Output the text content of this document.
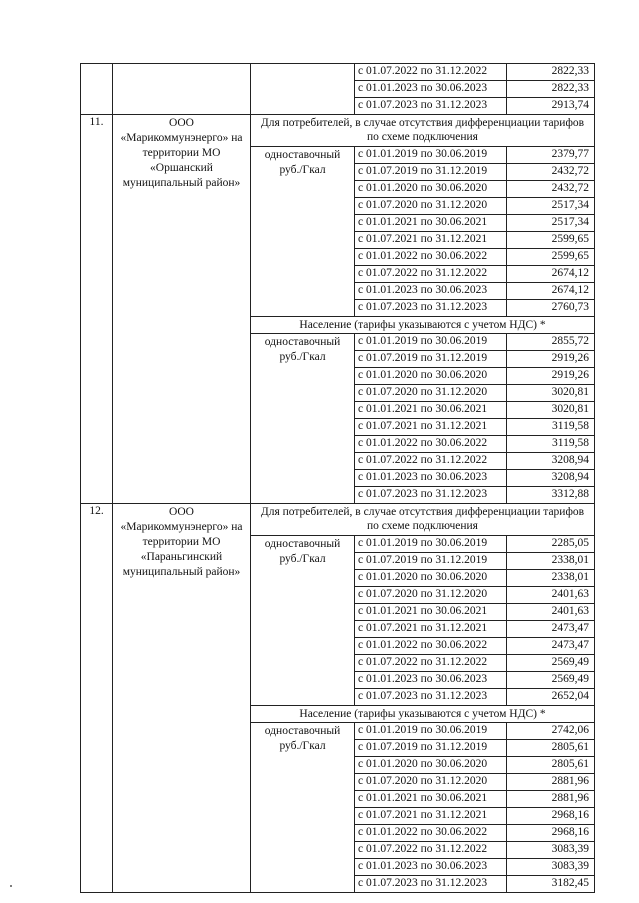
			с 01.07.2022 по 31.12.2022	2822,33
			с 01.01.2023 по 30.06.2023	2822,33
			с 01.07.2023 по 31.12.2023	2913,74
11.	ООО «Марикоммунэнерго» на территории МО «Оршанский муниципальный район»	Для потребителей, в случае отсутствия дифференциации тарифов по схеме подключения		
		одноставочный руб./Гкал	с 01.01.2019 по 30.06.2019	2379,77
			с 01.07.2019 по 31.12.2019	2432,72
			с 01.01.2020 по 30.06.2020	2432,72
			с 01.07.2020 по 31.12.2020	2517,34
			с 01.01.2021 по 30.06.2021	2517,34
			с 01.07.2021 по 31.12.2021	2599,65
			с 01.01.2022 по 30.06.2022	2599,65
			с 01.07.2022 по 31.12.2022	2674,12
			с 01.01.2023 по 30.06.2023	2674,12
			с 01.07.2023 по 31.12.2023	2760,73
		Население (тарифы указываются с учетом НДС) *		
		одноставочный руб./Гкал	с 01.01.2019 по 30.06.2019	2855,72
			с 01.07.2019 по 31.12.2019	2919,26
			с 01.01.2020 по 30.06.2020	2919,26
			с 01.07.2020 по 31.12.2020	3020,81
			с 01.01.2021 по 30.06.2021	3020,81
			с 01.07.2021 по 31.12.2021	3119,58
			с 01.01.2022 по 30.06.2022	3119,58
			с 01.07.2022 по 31.12.2022	3208,94
			с 01.01.2023 по 30.06.2023	3208,94
			с 01.07.2023 по 31.12.2023	3312,88
12.	ООО «Марикоммунэнерго» на территории МО «Параньгинский муниципальный район»	Для потребителей, в случае отсутствия дифференциации тарифов по схеме подключения		
		одноставочный руб./Гкал	с 01.01.2019 по 30.06.2019	2285,05
			с 01.07.2019 по 31.12.2019	2338,01
			с 01.01.2020 по 30.06.2020	2338,01
			с 01.07.2020 по 31.12.2020	2401,63
			с 01.01.2021 по 30.06.2021	2401,63
			с 01.07.2021 по 31.12.2021	2473,47
			с 01.01.2022 по 30.06.2022	2473,47
			с 01.07.2022 по 31.12.2022	2569,49
			с 01.01.2023 по 30.06.2023	2569,49
			с 01.07.2023 по 31.12.2023	2652,04
		Население (тарифы указываются с учетом НДС) *		
		одноставочный руб./Гкал	с 01.01.2019 по 30.06.2019	2742,06
			с 01.07.2019 по 31.12.2019	2805,61
			с 01.01.2020 по 30.06.2020	2805,61
			с 01.07.2020 по 31.12.2020	2881,96
			с 01.01.2021 по 30.06.2021	2881,96
			с 01.07.2021 по 31.12.2021	2968,16
			с 01.01.2022 по 30.06.2022	2968,16
			с 01.07.2022 по 31.12.2022	3083,39
			с 01.01.2023 по 30.06.2023	3083,39
			с 01.07.2023 по 31.12.2023	3182,45
